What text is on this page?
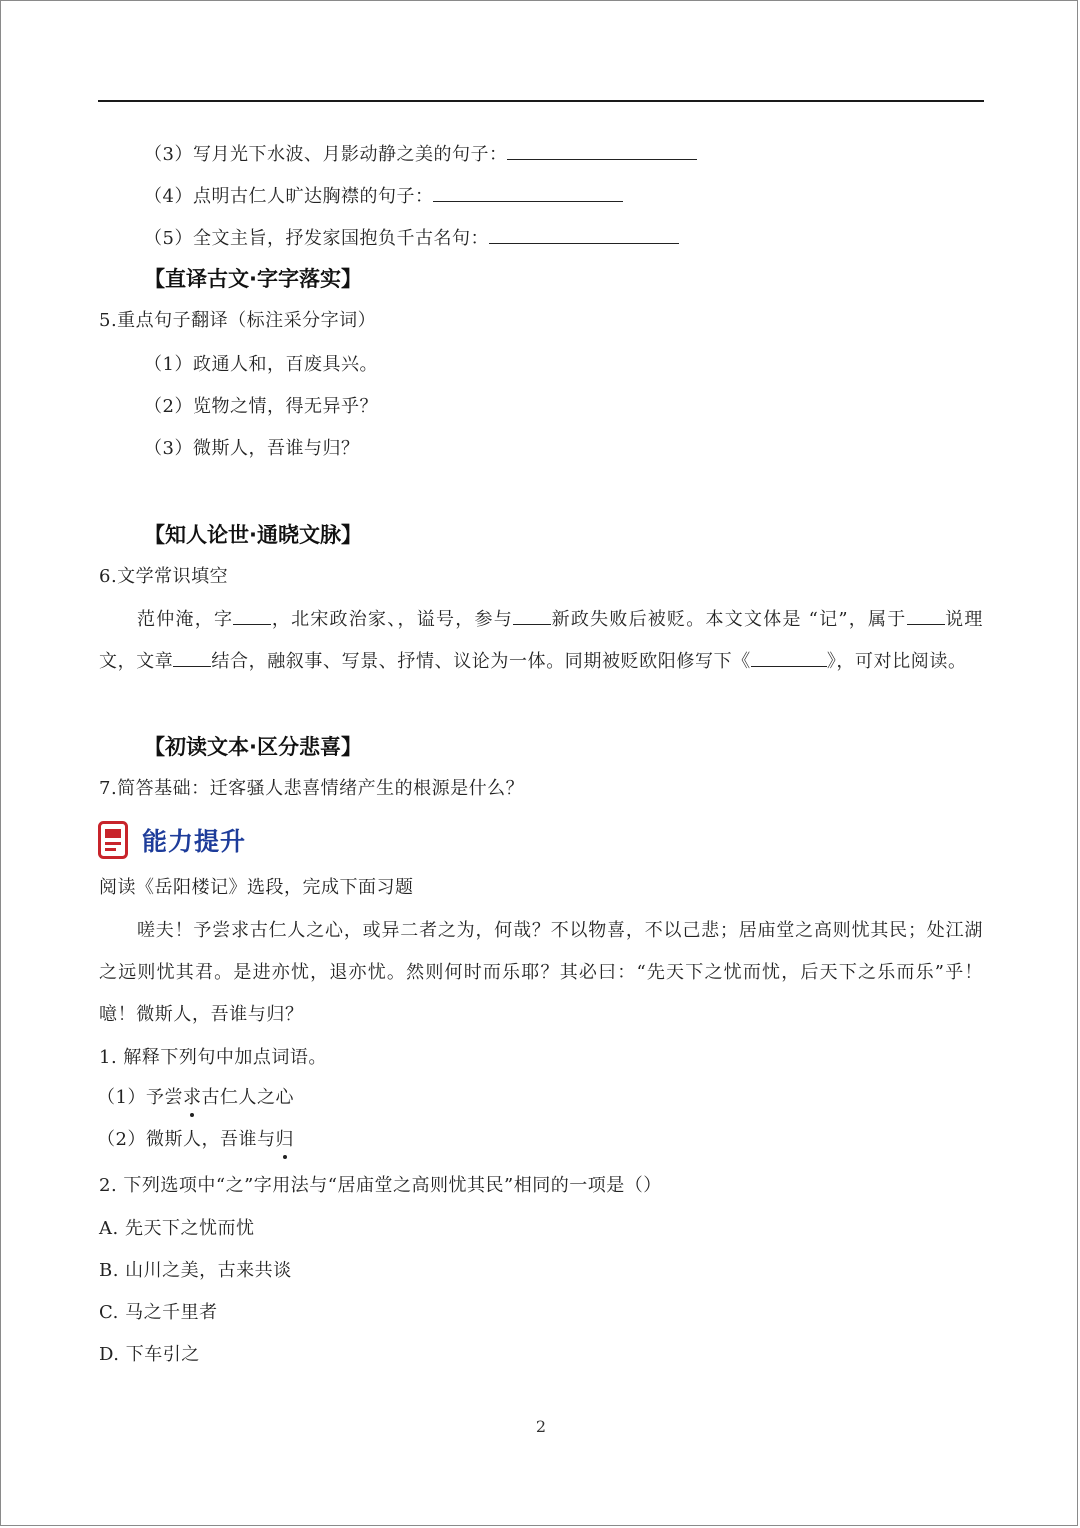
（3）写月光下水波、月影动静之美的句子：
（4）点明古仁人旷达胸襟的句子：
（5）全文主旨，抒发家国抱负千古名句：
【直译古文·字字落实】
5.重点句子翻译（标注采分字词）
（1）政通人和，百废具兴。
（2）览物之情，得无异乎？
（3）微斯人，吾谁与归？
【知人论世·通晓文脉】
6.文学常识填空

范仲淹，字 ，北宋政治家、，谥号，参与 新政失败后被贬。本文文体是 “记”，属于 说理文，文章 结合，融叙事、写景、抒情、议论为一体。同期被贬欧阳修写下《	》，可对比阅读。

【初读文本·区分悲喜】
7.简答基础：迁客骚人悲喜情绪产生的根源是什么？
能力提升
阅读《岳阳楼记》选段，完成下面习题

嗟夫！予尝求古仁人之心，或异二者之为，何哉？不以物喜，不以己悲；居庙堂之高则忧其民；处江湖之远则忧其君。是进亦忧，退亦忧。然则何时而乐耶？其必曰：“先天下之忧而忧，后天下之乐而乐”乎！噫！微斯人，吾谁与归？

1. 解释下列句中加点词语。
（1）予尝求古仁人之心
（2）微斯人，吾谁与归
2. 下列选项中“之”字用法与“居庙堂之高则忧其民”相同的一项是（）
A. 先天下之忧而忧
B. 山川之美，古来共谈
C. 马之千里者
D. 下车引之
2
